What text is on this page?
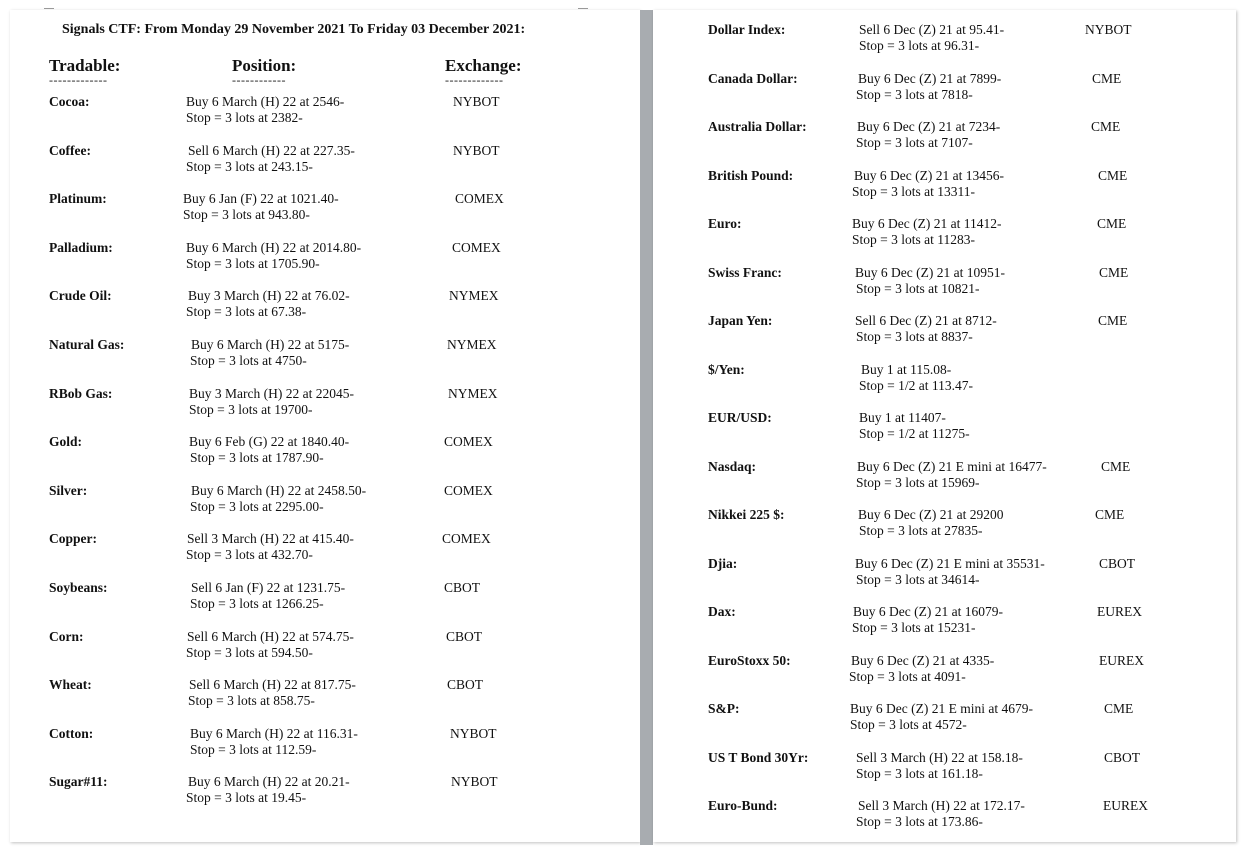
Signals CTF: From Monday 29 November 2021 To Friday 03 December 2021:
Tradable:	Position:	Exchange:
-------------	------------	-------------
Cocoa:	Buy 6 March (H) 22 at 2546-
Stop = 3 lots at 2382-
NYBOT
Coffee:	Sell 6 March (H) 22 at 227.35-
Stop = 3 lots at 243.15-
NYBOT
Platinum:	Buy 6 Jan (F) 22 at 1021.40-
Stop = 3 lots at 943.80-
COMEX
Palladium:	Buy 6 March (H) 22 at 2014.80-
Stop = 3 lots at 1705.90-
COMEX
Crude Oil:	Buy 3 March (H) 22 at 76.02-
Stop = 3 lots at 67.38-
NYMEX
Natural Gas:	Buy 6 March (H) 22 at 5175-
Stop = 3 lots at 4750-
NYMEX
RBob Gas:	Buy 3 March (H) 22 at 22045-
Stop = 3 lots at 19700-
NYMEX
Gold:	Buy 6 Feb (G) 22 at 1840.40-
Stop = 3 lots at 1787.90-
COMEX
Silver:	Buy 6 March (H) 22 at 2458.50-
Stop = 3 lots at 2295.00-
COMEX
Copper:	Sell 3 March (H) 22 at 415.40-
Stop = 3 lots at 432.70-
COMEX
Soybeans:	Sell 6 Jan (F) 22 at 1231.75-
Stop = 3 lots at 1266.25-
CBOT
Corn:	Sell 6 March (H) 22 at 574.75-
Stop = 3 lots at 594.50-
CBOT
Wheat:	Sell 6 March (H) 22 at 817.75-
Stop = 3 lots at 858.75-
CBOT
Cotton:	Buy 6 March (H) 22 at 116.31-
Stop = 3 lots at 112.59-
NYBOT
Sugar#11:	Buy 6 March (H) 22 at 20.21-
Stop = 3 lots at 19.45-
NYBOT
Dollar Index:	Sell 6 Dec (Z) 21 at 95.41-
Stop = 3 lots at 96.31-
NYBOT
Canada Dollar:	Buy 6 Dec (Z) 21 at 7899-
Stop = 3 lots at 7818-
CME
Australia Dollar:	Buy 6 Dec (Z) 21 at 7234-
Stop = 3 lots at 7107-
CME
British Pound:	Buy 6 Dec (Z) 21 at 13456-
Stop = 3 lots at 13311-
CME
Euro:	Buy 6 Dec (Z) 21 at 11412-
Stop = 3 lots at 11283-
CME
Swiss Franc:	Buy 6 Dec (Z) 21 at 10951-
Stop = 3 lots at 10821-
CME
Japan Yen:	Sell 6 Dec (Z) 21 at 8712-
Stop = 3 lots at 8837-
CME
$/Yen:	Buy 1 at 115.08-
Stop = 1/2 at 113.47-
EUR/USD:	Buy 1 at 11407-
Stop = 1/2 at 11275-
Nasdaq:	Buy 6 Dec (Z) 21 E mini at 16477-
Stop = 3 lots at 15969-
CME
Nikkei 225 $:	Buy 6 Dec (Z) 21 at 29200
Stop = 3 lots at 27835-
CME
Djia:	Buy 6 Dec (Z) 21 E mini at 35531-
Stop = 3 lots at 34614-
CBOT
Dax:	Buy 6 Dec (Z) 21 at 16079-
Stop = 3 lots at 15231-
EUREX
EuroStoxx 50:	Buy 6 Dec (Z) 21 at 4335-
Stop = 3 lots at 4091-
EUREX
S&P:	Buy 6 Dec (Z) 21 E mini at 4679-
Stop = 3 lots at 4572-
CME
US T Bond 30Yr:	Sell 3 March (H) 22 at 158.18-
Stop = 3 lots at 161.18-
CBOT
Euro-Bund:	Sell 3 March (H) 22 at 172.17-
Stop = 3 lots at 173.86-
EUREX
